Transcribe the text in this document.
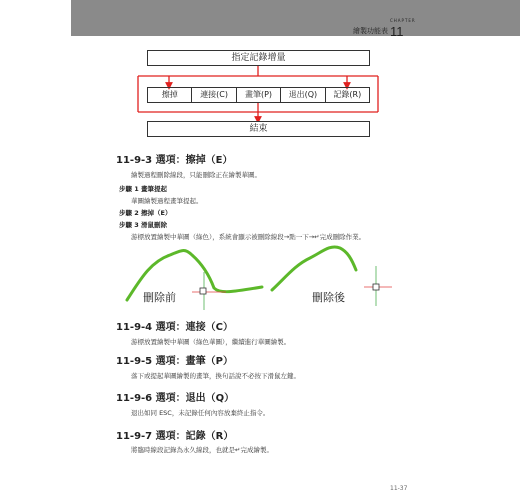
CHAPTER
繪製功能表 11
指定記錄增量
擦掉	連接(C)	畫筆(P)	退出(Q)	記錄(R)
結束
11-9-3 選項：擦掉（E）
繪製過程刪除線段，只能刪除正在繪製華圖。
步驟 1 畫筆提起
華圖繪製過程畫筆提起。
步驟 2 擦掉（E）
步驟 3 滑鼠刪除
游標放置繪製中華圖（綠色），系統會顯示被刪除線段→點一下→↵完成刪除作業。
刪除前	刪除後
11-9-4 選項：連接（C）
游標放置繪製中華圖（綠色華圖），繼續進行華圖繪製。
11-9-5 選項：畫筆（P）
落下或提起華圖繪製的畫筆，換句話說不必按下滑鼠左鍵。
11-9-6 選項：退出（Q）
退出如同 ESC，未記錄任何內容放棄終止指令。
11-9-7 選項：記錄（R）
將臨時線段記錄為永久線段，也就是↵完成繪製。
11-37
